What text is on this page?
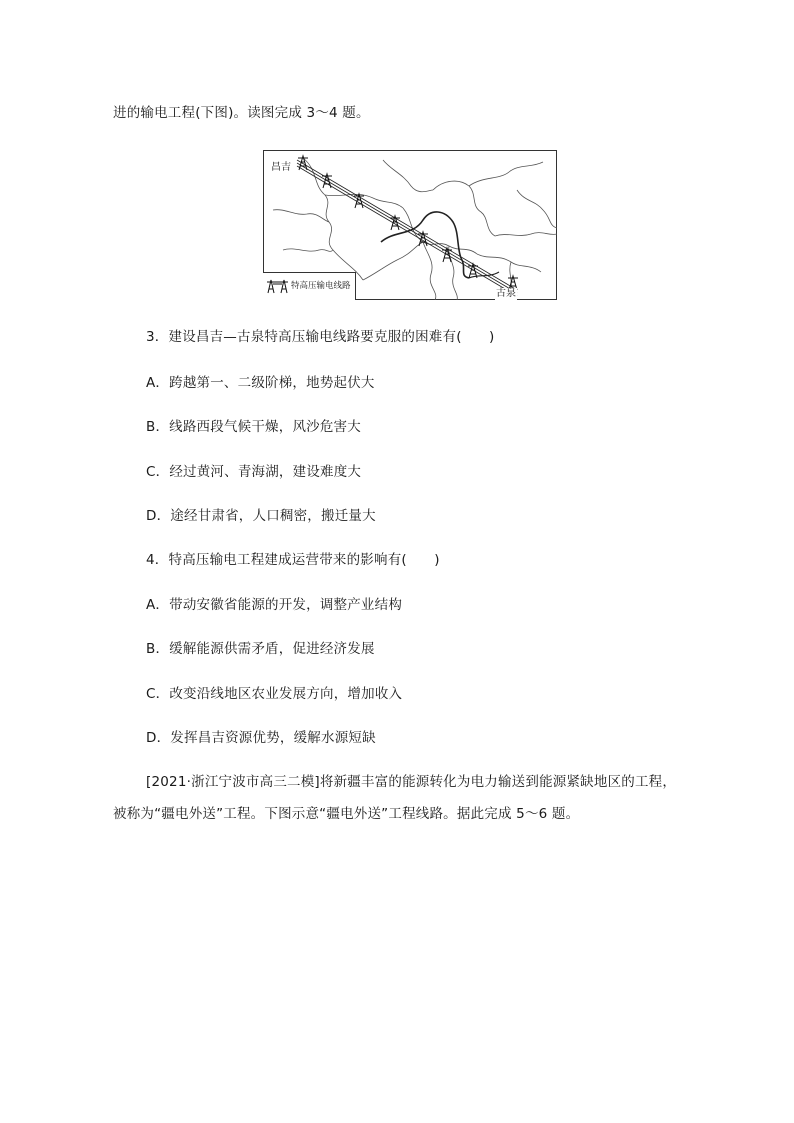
进的输电工程(下图)。读图完成 3～4 题。
昌吉
古泉
特高压输电线路
3．建设昌吉—古泉特高压输电线路要克服的困难有(　　)
A．跨越第一、二级阶梯，地势起伏大
B．线路西段气候干燥，风沙危害大
C．经过黄河、青海湖，建设难度大
D．途经甘肃省，人口稠密，搬迁量大
4．特高压输电工程建成运营带来的影响有(　　)
A．带动安徽省能源的开发，调整产业结构
B．缓解能源供需矛盾，促进经济发展
C．改变沿线地区农业发展方向，增加收入
D．发挥昌吉资源优势，缓解水源短缺
[2021·浙江宁波市高三二模]将新疆丰富的能源转化为电力输送到能源紧缺地区的工程，
被称为“疆电外送”工程。下图示意“疆电外送”工程线路。据此完成 5～6 题。
